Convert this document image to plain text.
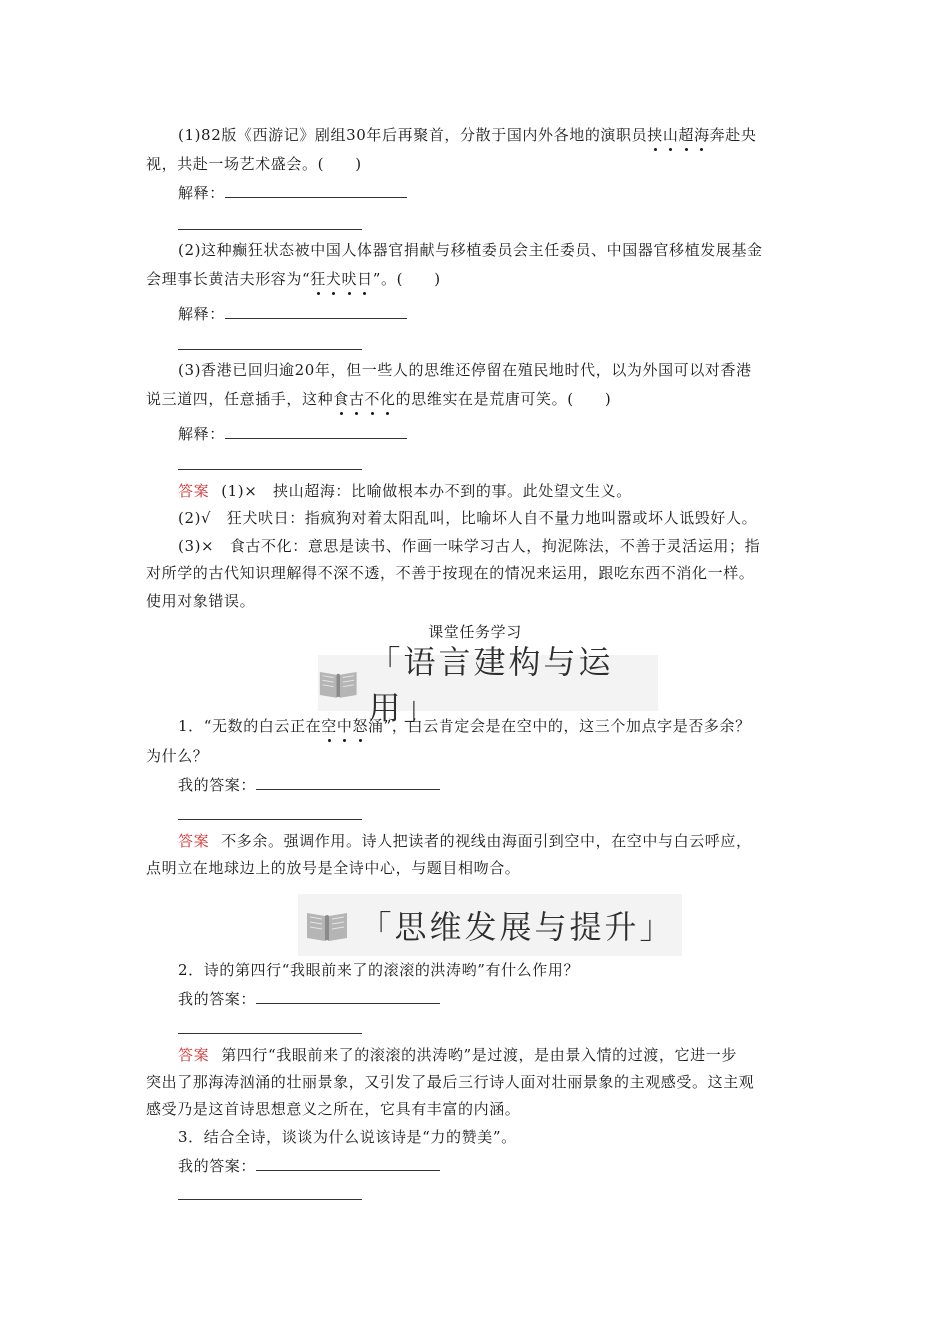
(1)82版《西游记》剧组30年后再聚首，分散于国内外各地的演职员挟山超海奔赴央
视，共赴一场艺术盛会。(　　)
解释：
(2)这种癫狂状态被中国人体器官捐献与移植委员会主任委员、中国器官移植发展基金
会理事长黄洁夫形容为“狂犬吠日”。(　　)
解释：
(3)香港已回归逾20年，但一些人的思维还停留在殖民地时代，以为外国可以对香港
说三道四，任意插手，这种食古不化的思维实在是荒唐可笑。(　　)
解释：
答案 (1)×　挟山超海：比喻做根本办不到的事。此处望文生义。
(2)√　狂犬吠日：指疯狗对着太阳乱叫，比喻坏人自不量力地叫嚣或坏人诋毁好人。
(3)×　食古不化：意思是读书、作画一味学习古人，拘泥陈法，不善于灵活运用；指
对所学的古代知识理解得不深不透，不善于按现在的情况来运用，跟吃东西不消化一样。
使用对象错误。
课堂任务学习
「语言建构与运用」
1．“无数的白云正在空中怒涌”，白云肯定会是在空中的，这三个加点字是否多余？
为什么？
我的答案：
答案 不多余。强调作用。诗人把读者的视线由海面引到空中，在空中与白云呼应，
点明立在地球边上的放号是全诗中心，与题目相吻合。
「思维发展与提升」
2．诗的第四行“我眼前来了的滚滚的洪涛哟”有什么作用？
我的答案：
答案 第四行“我眼前来了的滚滚的洪涛哟”是过渡，是由景入情的过渡，它进一步
突出了那海涛汹涌的壮丽景象，又引发了最后三行诗人面对壮丽景象的主观感受。这主观
感受乃是这首诗思想意义之所在，它具有丰富的内涵。
3．结合全诗，谈谈为什么说该诗是“力的赞美”。
我的答案：
